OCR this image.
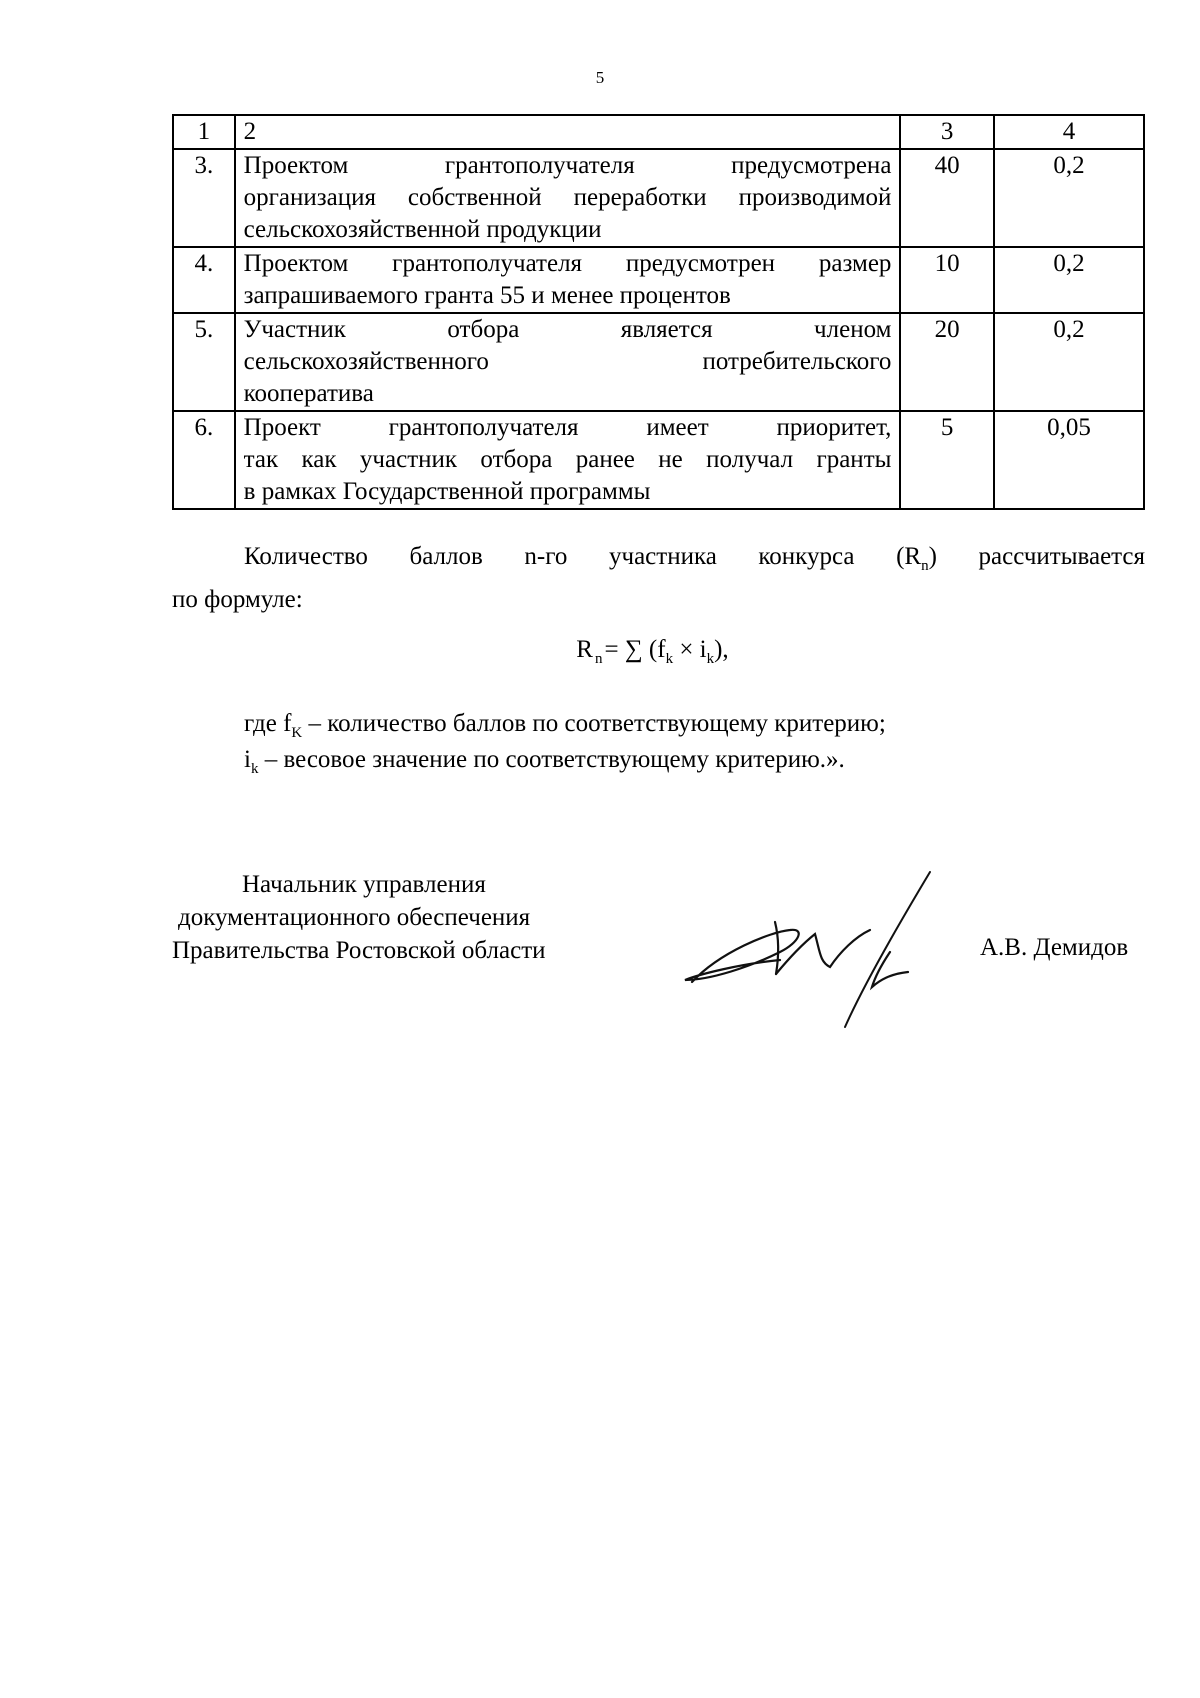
5
1	2	3	4
3.	Проектом грантополучателя предусмотрена
организация собственной переработки производимой
сельскохозяйственной продукции	40	0,2
4.	Проектом грантополучателя предусмотрен размер
запрашиваемого гранта 55 и менее процентов	10	0,2
5.	Участник отбора является членом
сельскохозяйственного потребительского
кооператива	20	0,2
6.	Проект грантополучателя имеет приоритет,
так как участник отбора ранее не получал гранты
в рамках Государственной программы	5	0,05
Количество баллов n-го участника конкурса $(R_n)$ рассчитывается
по формуле:
R $_n$= ∑ $(f_k \times i_k)$,
где $f_K$ – количество баллов по соответствующему критерию;
$i_k$ – весовое значение по соответствующему критерию.».
Начальник управления
документационного обеспечения
Правительства Ростовской области	А.В. Демидов
